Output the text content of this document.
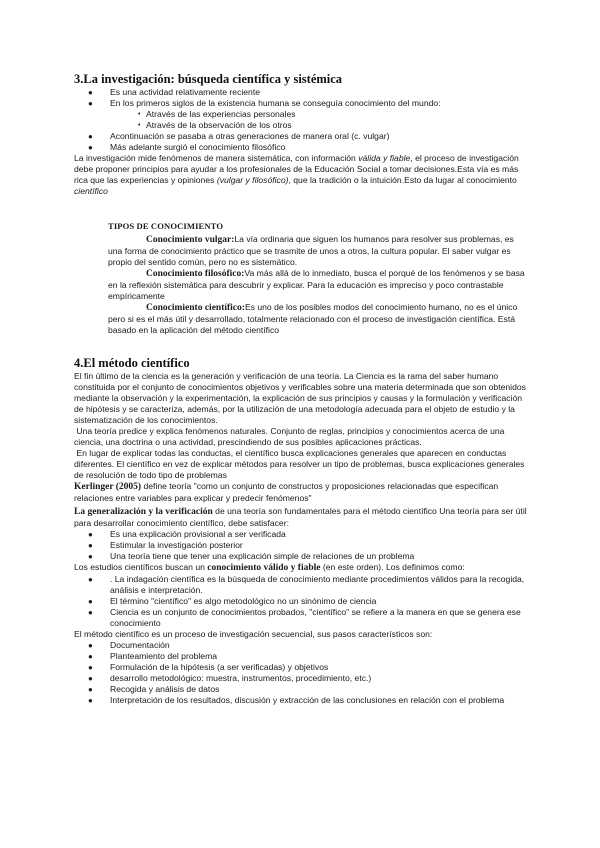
3.La investigación: búsqueda científica y sistémica
● Es una actividad relativamente reciente
● En los primeros siglos de la existencia humana se conseguía conocimiento del mundo:
• Através de las experiencias personales
• Através de la observación de los otros
● Acontinuación se pasaba a otras generaciones de manera oral (c. vulgar)
● Más adelante surgió el conocimiento filosófico

La investigación mide fenómenos de manera sistemática, con información válida y fiable, el proceso de investigación debe proponer principios para ayudar a los profesionales de la Educación Social a tomar decisiones.Esta vía es más rica que las experiencias y opiniones (vulgar y filosófico), que la tradición o la intuición.Esto da lugar al conocimiento científico

TIPOS DE CONOCIMIENTO

Conocimiento vulgar:La vía ordinaria que siguen los humanos para resolver sus problemas, es una forma de conocimiento práctico que se trasmite de unos a otros, la cultura popular. El saber vulgar es propio del sentido común, pero no es sistemático.

Conocimiento filosófico:Va más allá de lo inmediato, busca el porqué de los fenómenos y se basa en la reflexión sistemática para descubrir y explicar. Para la educación es impreciso y poco contrastable empíricamente

Conocimiento científico:Es uno de los posibles modos del conocimiento humano, no es el único pero si es el más útil y desarrollado, totalmente relacionado con el proceso de investigación científica. Está basado en la aplicación del método científico

4.El método científico

El fin último de la ciencia es la generación y verificación de una teoría. La Ciencia es la rama del saber humano constituida por el conjunto de conocimientos objetivos y verificables sobre una materia determinada que son obtenidos mediante la observación y la experimentación, la explicación de sus principios y causas y la formulación y verificación de hipótesis y se caracteriza, además, por la utilización de una metodología adecuada para el objeto de estudio y la sistematización de los conocimientos.

Una teoría predice y explica fenómenos naturales. Conjunto de reglas, principios y conocimientos acerca de una ciencia, una doctrina o una actividad, prescindiendo de sus posibles aplicaciones prácticas.

En lugar de explicar todas las conductas, el científico busca explicaciones generales que aparecen en conductas diferentes. El científico en vez de explicar métodos para resolver un tipo de problemas, busca explicaciones generales de resolución de todo tipo de problemas

Kerlinger (2005) define teoría "como un conjunto de constructos y proposiciones relacionadas que especifican relaciones entre variables para explicar y predecir fenómenos"

La generalización y la verificación de una teoría son fundamentales para el método científico Una teoría para ser útil para desarrollar conocimiento científico, debe satisfacer:

● Es una explicación provisional a ser verificada
● Estimular la investigación posterior
● Una teoría tiene que tener una explicación simple de relaciones de un problema

Los estudios científicos buscan un conocimiento válido y fiable (en este orden). Los definimos como:

● . La indagación científica es la búsqueda de conocimiento mediante procedimientos válidos para la recogida, análisis e interpretación.
● El término "científico" es algo metodológico no un sinónimo de ciencia
● Ciencia es un conjunto de conocimientos probados, "científico" se refiere a la manera en que se genera ese conocimiento

El método científico es un proceso de investigación secuencial, sus pasos característicos son:

● Documentación
● Planteamiento del problema
● Formulación de la hipótesis (a ser verificadas) y objetivos
● desarrollo metodológico: muestra, instrumentos, procedimiento, etc.)
● Recogida y análisis de datos
● Interpretación de los resultados, discusión y extracción de las conclusiones en relación con el problema
